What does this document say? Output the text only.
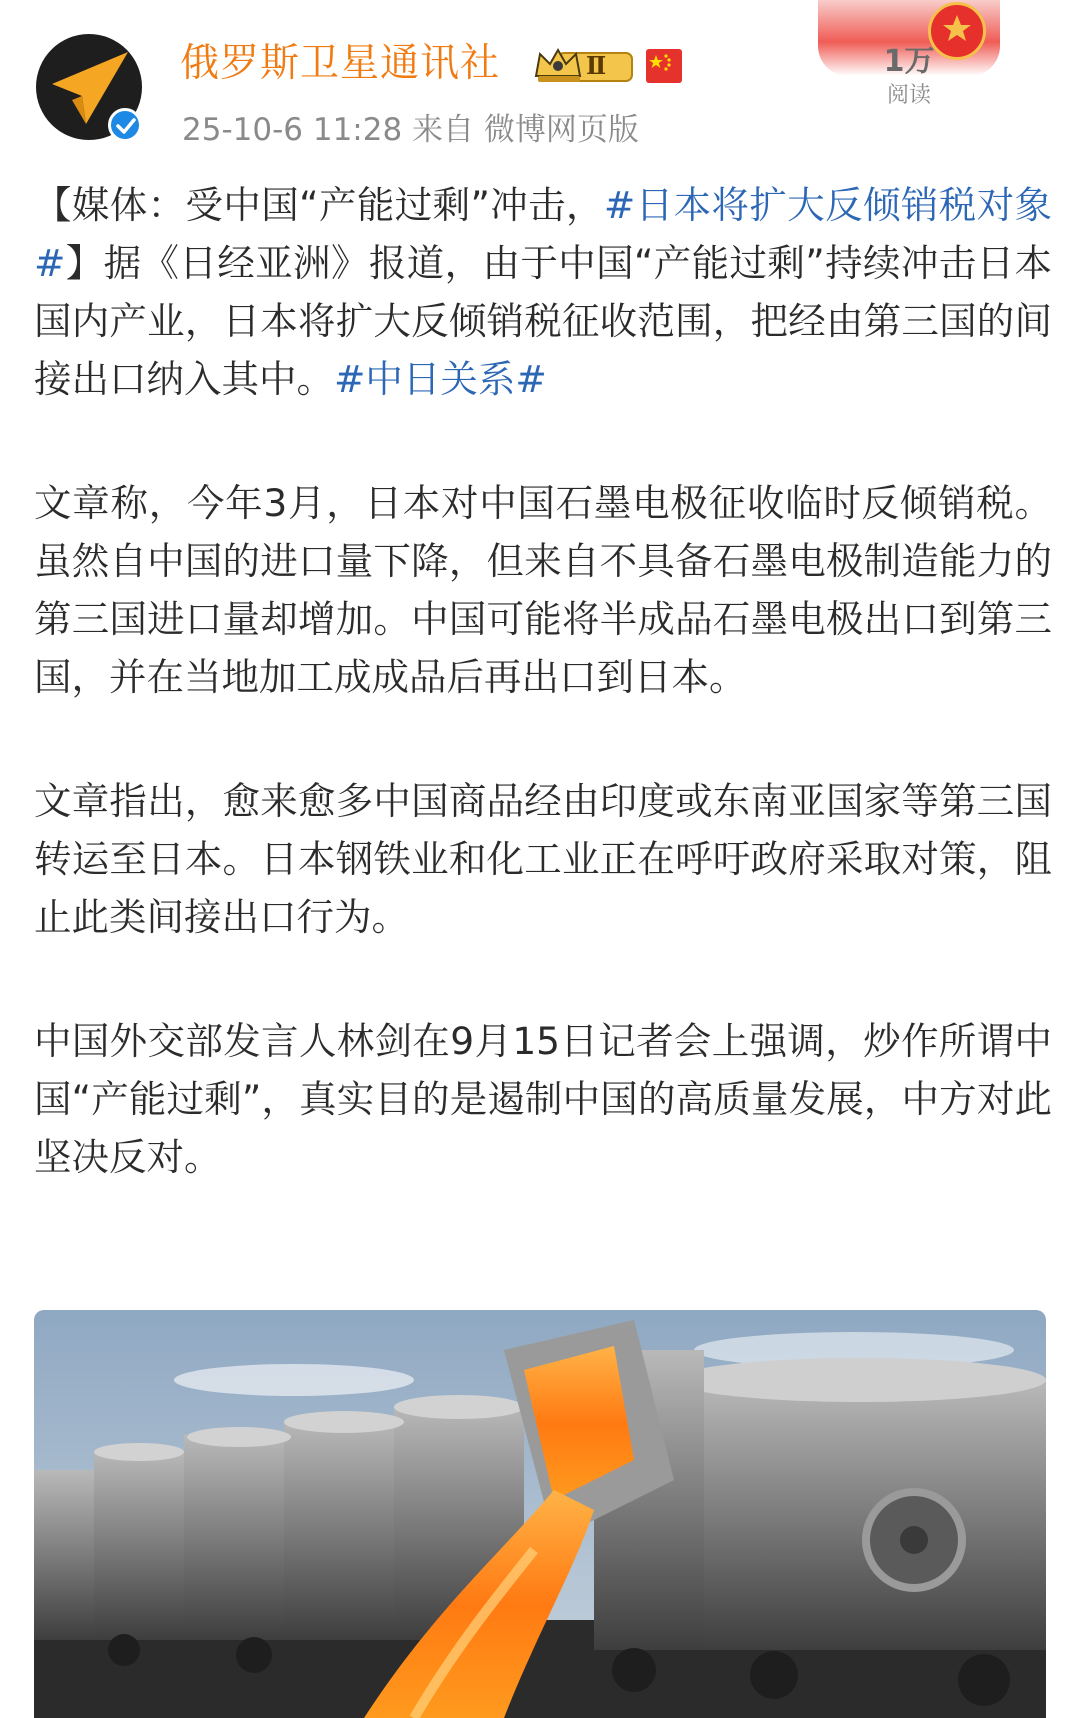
俄罗斯卫星通讯社	Ⅱ
25-10-6 11:28 来自 微博网页版
1万
阅读

【媒体：受中国“产能过剩”冲击，#日本将扩大反倾销税对象#】据《日经亚洲》报道，由于中国“产能过剩”持续冲击日本国内产业，日本将扩大反倾销税征收范围，把经由第三国的间接出口纳入其中。#中日关系#

文章称，今年3月，日本对中国石墨电极征收临时反倾销税。虽然自中国的进口量下降，但来自不具备石墨电极制造能力的第三国进口量却增加。中国可能将半成品石墨电极出口到第三国，并在当地加工成成品后再出口到日本。

文章指出，愈来愈多中国商品经由印度或东南亚国家等第三国转运至日本。日本钢铁业和化工业正在呼吁政府采取对策，阻止此类间接出口行为。

中国外交部发言人林剑在9月15日记者会上强调，炒作所谓中国“产能过剩”，真实目的是遏制中国的高质量发展，中方对此坚决反对。
